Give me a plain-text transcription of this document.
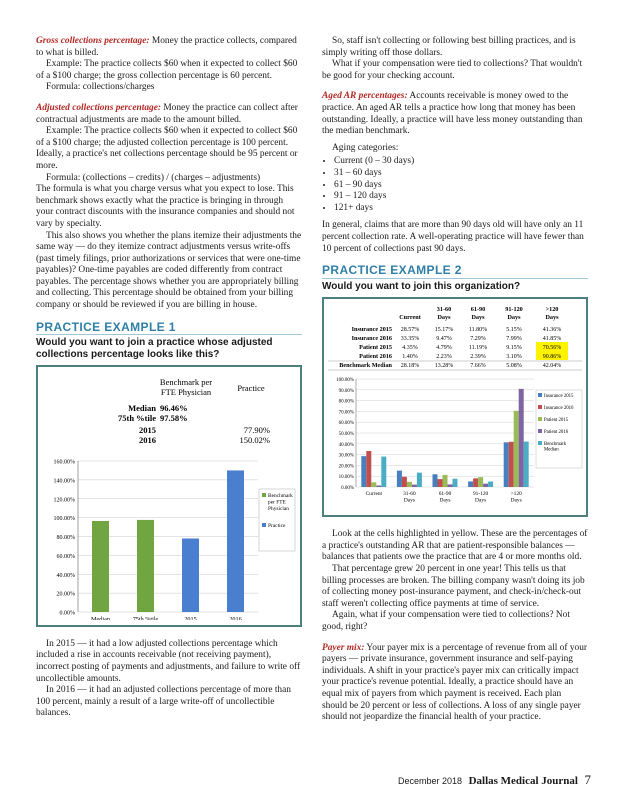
Gross collections percentage: Money the practice collects, compared to what is billed.

Example: The practice collects $60 when it expected to collect $60 of a $100 charge; the gross collection percentage is 60 percent.

Formula: collections/charges

Adjusted collections percentage: Money the practice can collect after contractual adjustments are made to the amount billed.

Example: The practice collects $60 when it expected to collect $60 of a $100 charge; the adjusted collection percentage is 100 percent. Ideally, a practice's net collections percentage should be 95 percent or more.

Formula: (collections – credits) / (charges – adjustments)

The formula is what you charge versus what you expect to lose. This benchmark shows exactly what the practice is bringing in through your contract discounts with the insurance companies and should not vary by specialty.

This also shows you whether the plans itemize their adjustments the same way — do they itemize contract adjustments versus write-offs (past timely filings, prior authorizations or services that were one-time payables)? One-time payables are coded differently from contract payables. The percentage shows whether you are appropriately billing and collecting. This percentage should be obtained from your billing company or should be reviewed if you are billing in house.

PRACTICE EXAMPLE 1
Would you want to join a practice whose adjusted collections percentage looks like this?
Benchmark per FTE Physician	Practice
Median 96.46%
75th %tile 97.58%
2015	77.90%
2016	150.02%
0.00%
20.00%
40.00%
60.00%
80.00%
100.00%
120.00%
140.00%
160.00%
Median	75th %tile	2015	2016
Benchmark per FTE Physician
Practice

In 2015 — it had a low adjusted collections percentage which included a rise in accounts receivable (not receiving payment), incorrect posting of payments and adjustments, and failure to write off uncollectible amounts.

In 2016 — it had an adjusted collections percentage of more than 100 percent, mainly a result of a large write-off of uncollectible balances.

So, staff isn't collecting or following best billing practices, and is simply writing off those dollars.

What if your compensation were tied to collections? That wouldn't be good for your checking account.

Aged AR percentages: Accounts receivable is money owed to the practice. An aged AR tells a practice how long that money has been outstanding. Ideally, a practice will have less money outstanding than the median benchmark.

Aging categories:

• Current (0 – 30 days)
• 31 – 60 days
• 61 – 90 days
• 91 – 120 days
• 121+ days

In general, claims that are more than 90 days old will have only an 11 percent collection rate. A well-operating practice will have fewer than 10 percent of collections past 90 days.

PRACTICE EXAMPLE 2
Would you want to join this organization?
Current
31-60 Days
61-90 Days
91-120 Days
>120 Days
Insurance 2015 28.57%	15.17%	11.80%	5.15%	41.36%
Insurance 2016 33.35%	9.47%	7.29%	7.99%	41.85%
Patient 2015 4.35%	4.79%	11.19%	9.15%	70.56%
Patient 2016 1.40%	2.23%	2.39%	3.10%	90.86%
Benchmark Median 28.18%	13.28%	7.66%	5.08%	42.04%
0.00%
10.00%
20.00%
30.00%
40.00%
50.00%
60.00%
70.00%
80.00%
90.00%
100.00%
Current	31-60 Days
61-90 Days
91-120 Days
>120 Days
Insurance 2015
Insurance 2016
Patient 2015
Patient 2016
Benchmark Median

Look at the cells highlighted in yellow. These are the percentages of a practice's outstanding AR that are patient-responsible balances — balances that patients owe the practice that are 4 or more months old.

That percentage grew 20 percent in one year! This tells us that billing processes are broken. The billing company wasn't doing its job of collecting money post-insurance payment, and check-in/check-out staff weren't collecting office payments at time of service.

Again, what if your compensation were tied to collections? Not good, right?

Payer mix: Your payer mix is a percentage of revenue from all of your payers — private insurance, government insurance and self-paying individuals. A shift in your practice's payer mix can critically impact your practice's revenue potential. Ideally, a practice should have an equal mix of payers from which payment is received. Each plan should be 20 percent or less of collections. A loss of any single payer should not jeopardize the financial health of your practice.

December 2018 Dallas Medical Journal 7
